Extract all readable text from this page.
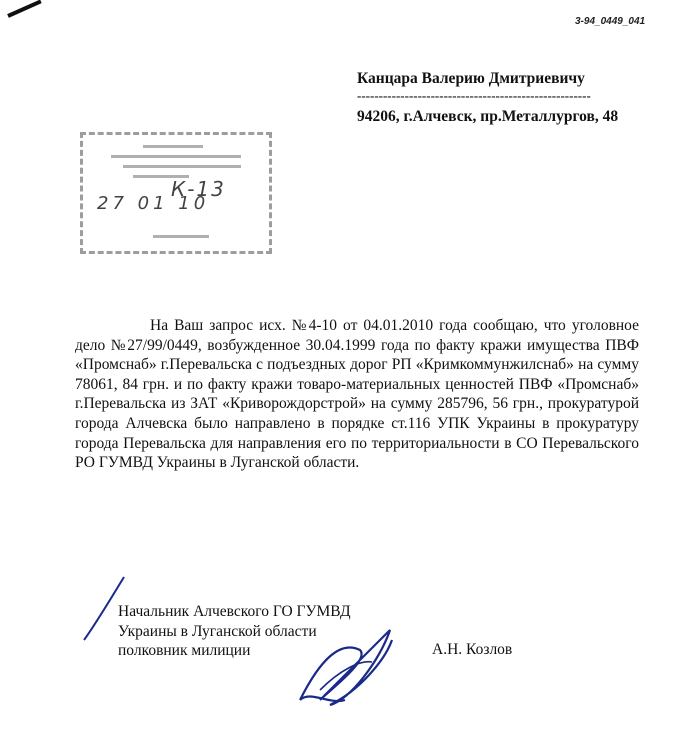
3-94_0449_041
Канцара Валерию Дмитриевичу
------------------------------------------------------
94206, г.Алчевск, пр.Металлургов, 48
К-13
27 01 10
На Ваш запрос исх. №4-10 от 04.01.2010 года сообщаю, что уголовное дело №27/99/0449, возбужденное 30.04.1999 года по факту кражи имущества ПВФ «Промснаб» г.Перевальска с подъездных дорог РП «Кримкоммунжилснаб» на сумму 78061, 84 грн. и по факту кражи товаро-материальных ценностей ПВФ «Промснаб» г.Перевальска из ЗАТ «Криворождорстрой» на сумму 285796, 56 грн., прокуратурой города Алчевска было направлено в порядке ст.116 УПК Украины в прокуратуру города Перевальска для направления его по территориальности в СО Перевальского РО ГУМВД Украины в Луганской области.
Начальник Алчевского ГО ГУМВД
Украины в Луганской области
полковник милиции	А.Н. Козлов
